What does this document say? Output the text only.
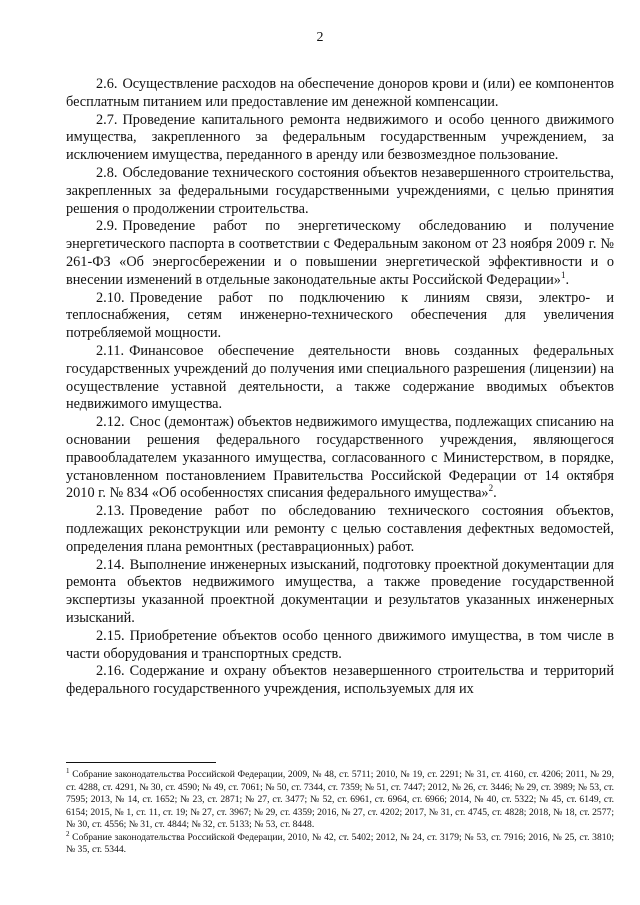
2

2.6. Осуществление расходов на обеспечение доноров крови и (или) ее компонентов бесплатным питанием или предоставление им денежной компенсации.

2.7. Проведение капитального ремонта недвижимого и особо ценного движимого имущества, закрепленного за федеральным государственным учреждением, за исключением имущества, переданного в аренду или безвозмездное пользование.

2.8. Обследование технического состояния объектов незавершенного строительства, закрепленных за федеральными государственными учреждениями, с целью принятия решения о продолжении строительства.

2.9. Проведение работ по энергетическому обследованию и получение энергетического паспорта в соответствии с Федеральным законом от 23 ноября 2009 г. № 261-ФЗ «Об энергосбережении и о повышении энергетической эффективности и о внесении изменений в отдельные законодательные акты Российской Федерации»$^1$.

2.10. Проведение работ по подключению к линиям связи, электро- и теплоснабжения, сетям инженерно-технического обеспечения для увеличения потребляемой мощности.

2.11. Финансовое обеспечение деятельности вновь созданных федеральных государственных учреждений до получения ими специального разрешения (лицензии) на осуществление уставной деятельности, а также содержание вводимых объектов недвижимого имущества.

2.12. Снос (демонтаж) объектов недвижимого имущества, подлежащих списанию на основании решения федерального государственного учреждения, являющегося правообладателем указанного имущества, согласованного с Министерством, в порядке, установленном постановлением Правительства Российской Федерации от 14 октября 2010 г. № 834 «Об особенностях списания федерального имущества»$^2$.

2.13. Проведение работ по обследованию технического состояния объектов, подлежащих реконструкции или ремонту с целью составления дефектных ведомостей, определения плана ремонтных (реставрационных) работ.

2.14. Выполнение инженерных изысканий, подготовку проектной документации для ремонта объектов недвижимого имущества, а также проведение государственной экспертизы указанной проектной документации и результатов указанных инженерных изысканий.

2.15. Приобретение объектов особо ценного движимого имущества, в том числе в части оборудования и транспортных средств.

2.16. Содержание и охрану объектов незавершенного строительства и территорий федерального государственного учреждения, используемых для их

$^1$ Собрание законодательства Российской Федерации, 2009, № 48, ст. 5711; 2010, № 19, ст. 2291; № 31, ст. 4160, ст. 4206; 2011, № 29, ст. 4288, ст. 4291, № 30, ст. 4590; № 49, ст. 7061; № 50, ст. 7344, ст. 7359; № 51, ст. 7447; 2012, № 26, ст. 3446; № 29, ст. 3989; № 53, ст. 7595; 2013, № 14, ст. 1652; № 23, ст. 2871; № 27, ст. 3477; № 52, ст. 6961, ст. 6964, ст. 6966; 2014, № 40, ст. 5322; № 45, ст. 6149, ст. 6154; 2015, № 1, ст. 11, ст. 19; № 27, ст. 3967; № 29, ст. 4359; 2016, № 27, ст. 4202; 2017, № 31, ст. 4745, ст. 4828; 2018, № 18, ст. 2577; № 30, ст. 4556; № 31, ст. 4844; № 32, ст. 5133; № 53, ст. 8448.

$^2$ Собрание законодательства Российской Федерации, 2010, № 42, ст. 5402; 2012, № 24, ст. 3179; № 53, ст. 7916; 2016, № 25, ст. 3810; № 35, ст. 5344.
